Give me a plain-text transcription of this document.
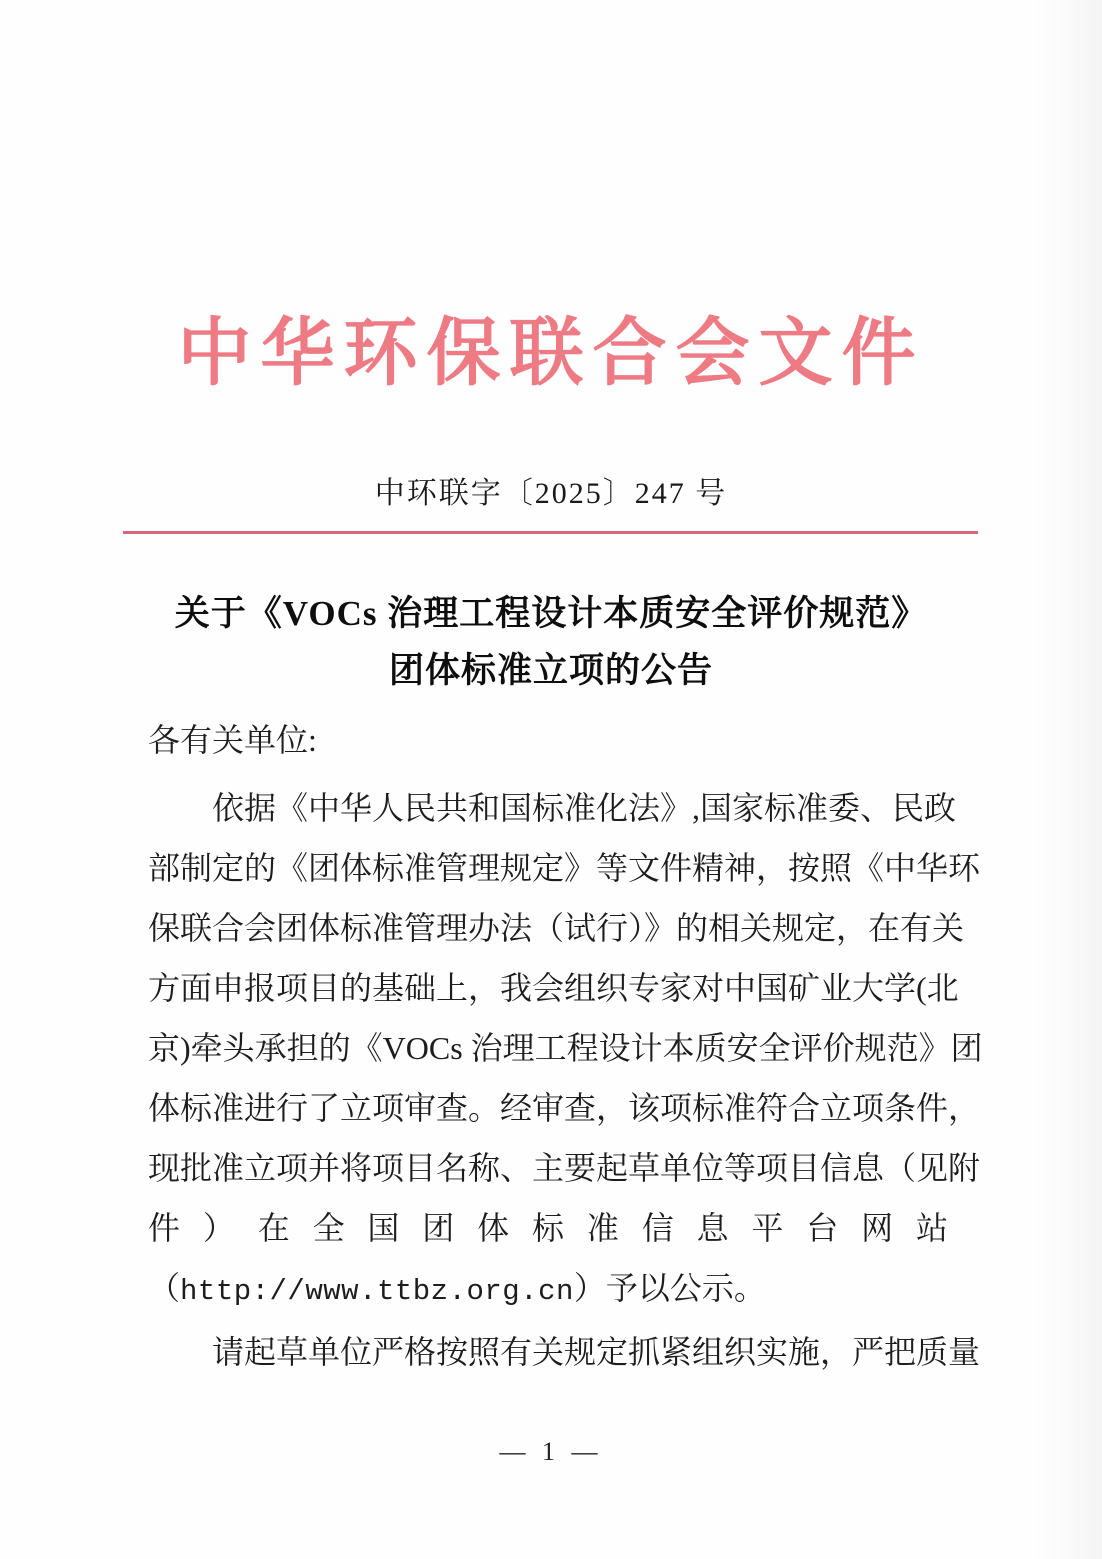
中华环保联合会文件
中环联字〔2025〕247 号
关于《VOCs 治理工程设计本质安全评价规范》
团体标准立项的公告
各有关单位:
依据《中华人民共和国标准化法》,国家标准委、民政
部制定的《团体标准管理规定》等文件精神，按照《中华环
保联合会团体标准管理办法（试行）》的相关规定，在有关
方面申报项目的基础上，我会组织专家对中国矿业大学(北
京)牵头承担的《VOCs 治理工程设计本质安全评价规范》团
体标准进行了立项审查。经审查，该项标准符合立项条件，
现批准立项并将项目名称、主要起草单位等项目信息（见附
件）在全国团体标准信息平台网站
（http://www.ttbz.org.cn）予以公示。
请起草单位严格按照有关规定抓紧组织实施，严把质量
— 1 —
